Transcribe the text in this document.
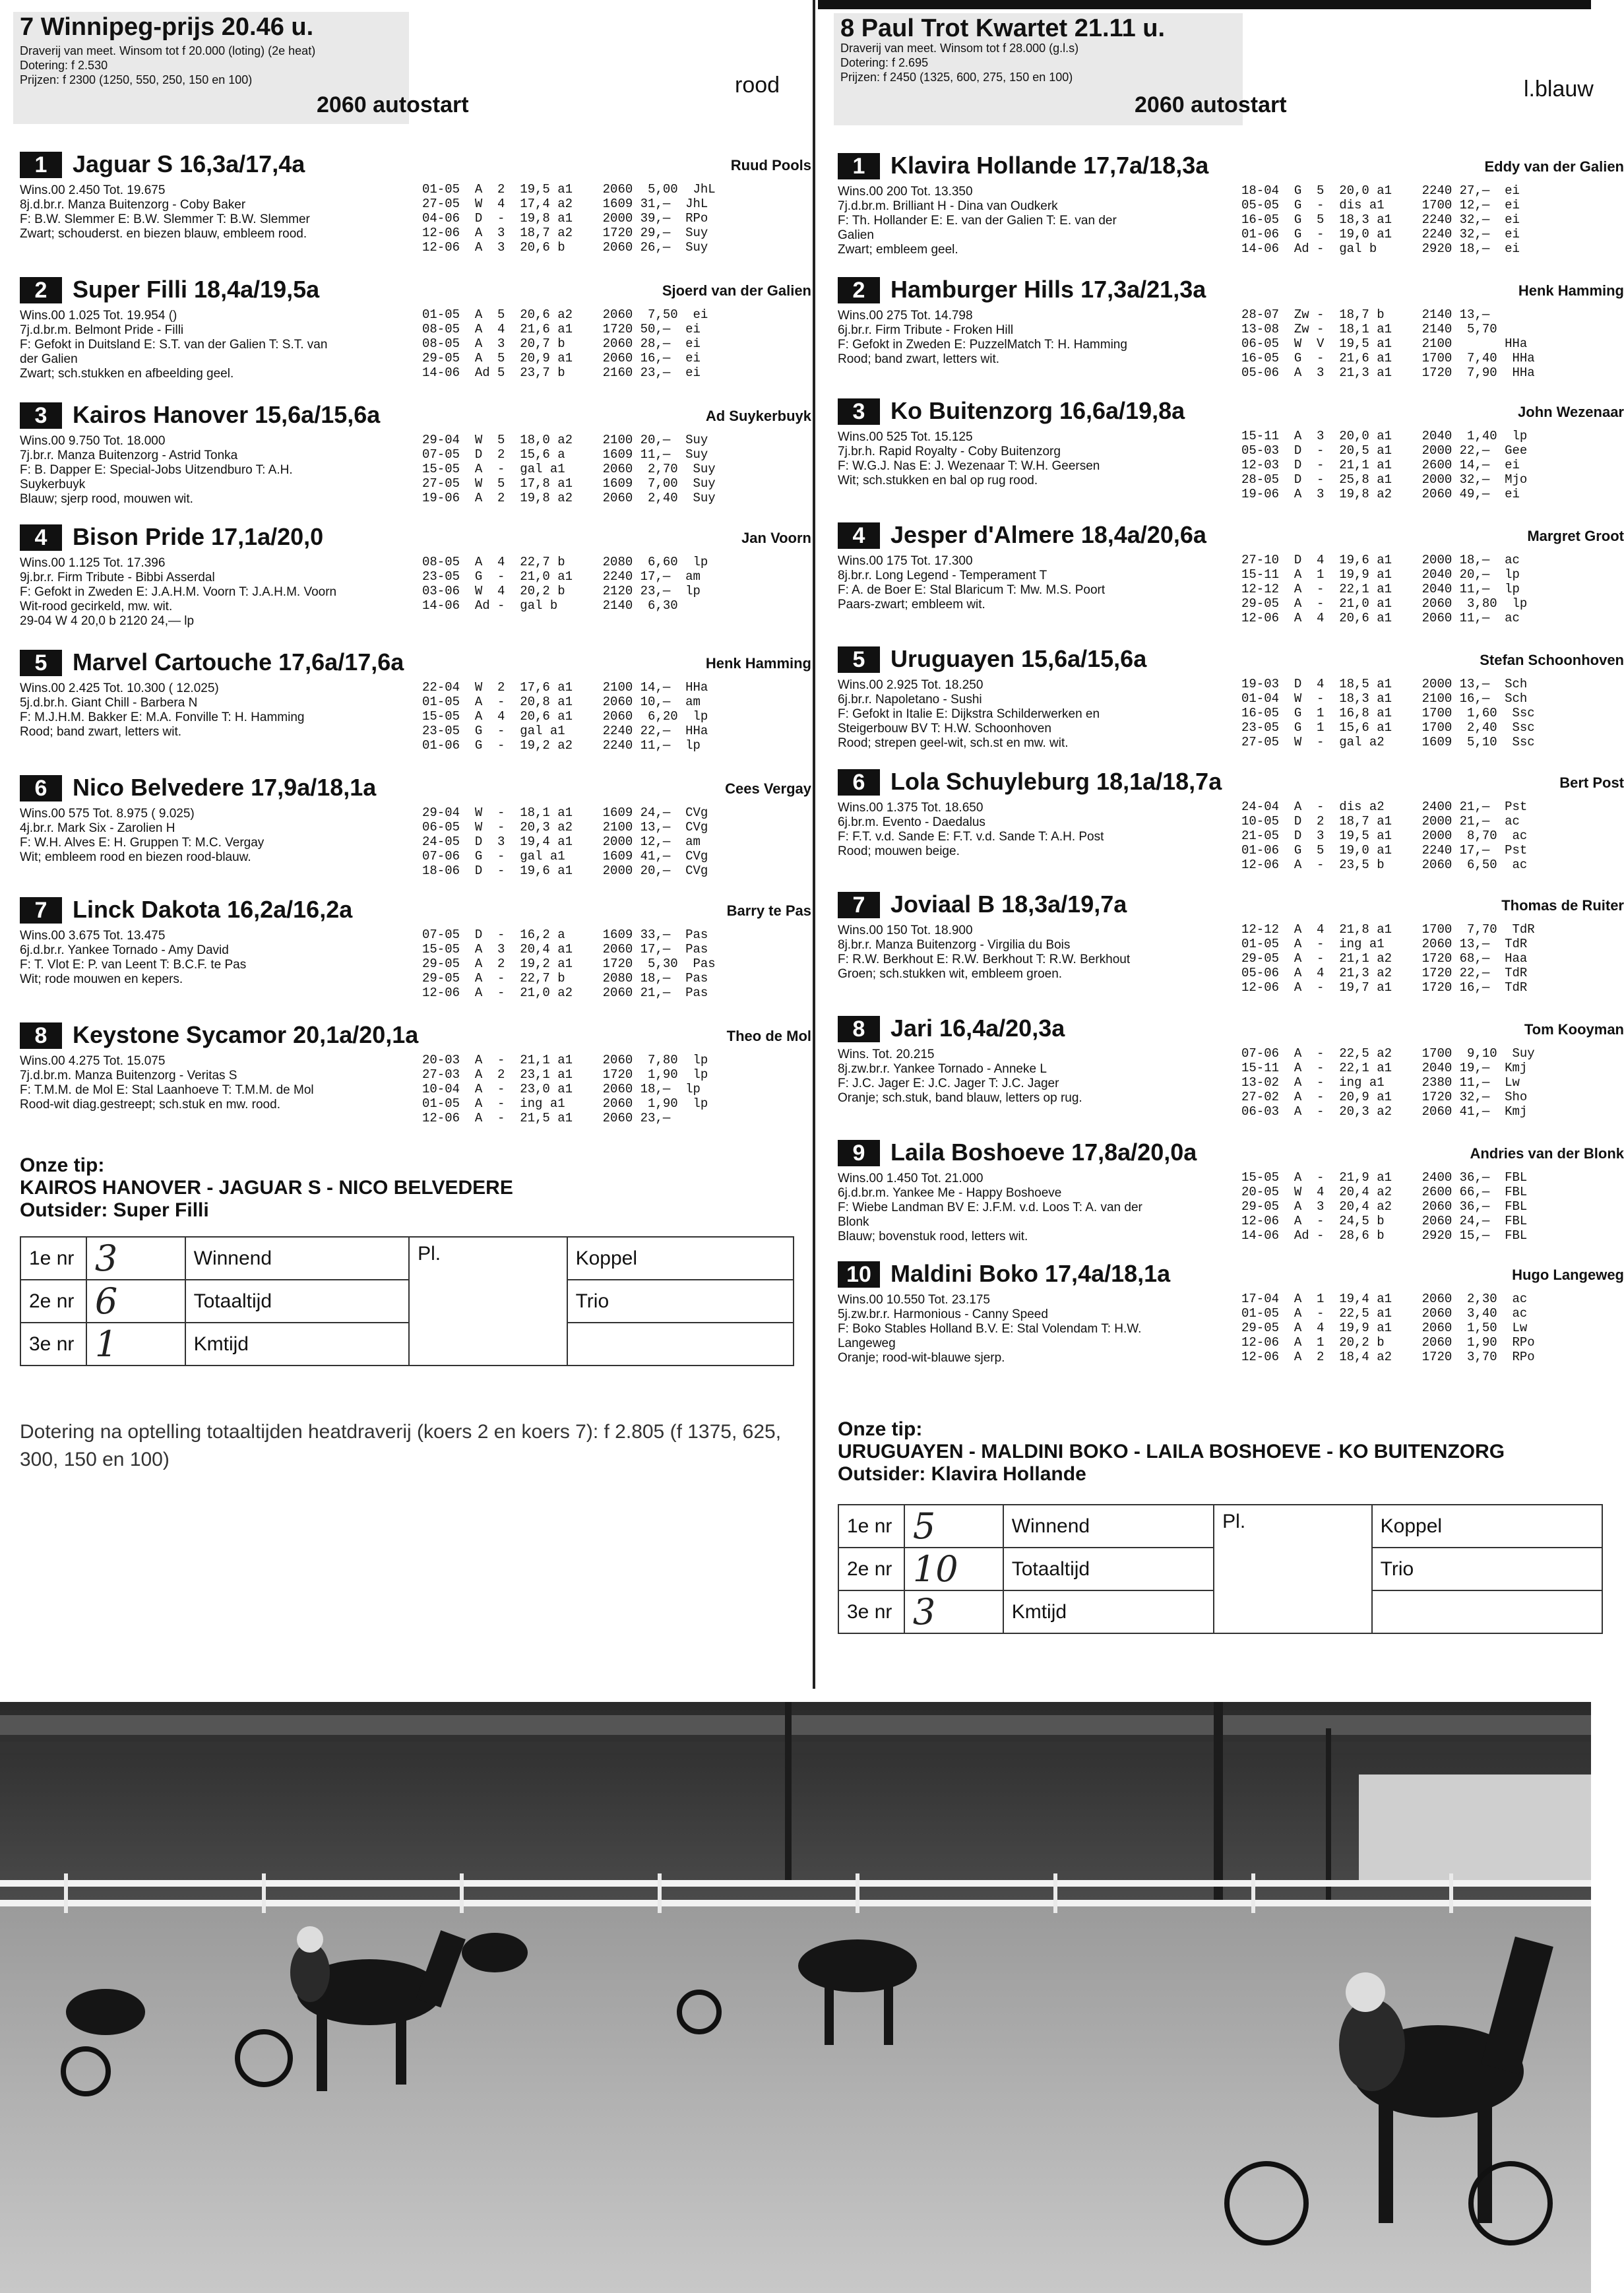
7 Winnipeg-prijs 20.46 u.
Draverij van meet. Winsom tot f 20.000 (loting) (2e heat)
Dotering: f 2.530
Prijzen: f 2300 (1250, 550, 250, 150 en 100)
2060 autostart
rood
1	Jaguar S 16,3a/17,4a	Ruud Pools
Wins.00 2.450 Tot. 19.675
8j.d.br.r. Manza Buitenzorg - Coby Baker
F: B.W. Slemmer E: B.W. Slemmer T: B.W. Slemmer
Zwart; schouderst. en biezen blauw, embleem rood.
01-05  A  2  19,5 a1    2060  5,00  JhL
27-05  W  4  17,4 a2    1609 31,—  JhL
04-06  D  -  19,8 a1    2000 39,—  RPo
12-06  A  3  18,7 a2    1720 29,—  Suy
12-06  A  3  20,6 b     2060 26,—  Suy
2	Super Filli 18,4a/19,5a	Sjoerd van der Galien
Wins.00 1.025 Tot. 19.954 ()
7j.d.br.m. Belmont Pride - Filli
F: Gefokt in Duitsland E: S.T. van der Galien T: S.T. van
der Galien
Zwart; sch.stukken en afbeelding geel.
01-05  A  5  20,6 a2    2060  7,50  ei
08-05  A  4  21,6 a1    1720 50,—  ei
08-05  A  3  20,7 b     2060 28,—  ei
29-05  A  5  20,9 a1    2060 16,—  ei
14-06  Ad 5  23,7 b     2160 23,—  ei
3	Kairos Hanover 15,6a/15,6a	Ad Suykerbuyk
Wins.00 9.750 Tot. 18.000
7j.br.r. Manza Buitenzorg - Astrid Tonka
F: B. Dapper E: Special-Jobs Uitzendburo T: A.H.
Suykerbuyk
Blauw; sjerp rood, mouwen wit.
29-04  W  5  18,0 a2    2100 20,—  Suy
07-05  D  2  15,6 a     1609 11,—  Suy
15-05  A  -  gal a1     2060  2,70  Suy
27-05  W  5  17,8 a1    1609  7,00  Suy
19-06  A  2  19,8 a2    2060  2,40  Suy
4	Bison Pride 17,1a/20,0	Jan Voorn
Wins.00 1.125 Tot. 17.396
9j.br.r. Firm Tribute - Bibbi Asserdal
F: Gefokt in Zweden E: J.A.H.M. Voorn T: J.A.H.M. Voorn
Wit-rood gecirkeld, mw. wit.
29-04 W 4 20,0 b 2120 24,— lp
08-05  A  4  22,7 b     2080  6,60  lp
23-05  G  -  21,0 a1    2240 17,—  am
03-06  W  4  20,2 b     2120 23,—  lp
14-06  Ad -  gal b      2140  6,30
5	Marvel Cartouche 17,6a/17,6a	Henk Hamming
Wins.00 2.425 Tot. 10.300 ( 12.025)
5j.d.br.h. Giant Chill - Barbera N
F: M.J.H.M. Bakker E: M.A. Fonville T: H. Hamming
Rood; band zwart, letters wit.
22-04  W  2  17,6 a1    2100 14,—  HHa
01-05  A  -  20,8 a1    2060 10,—  am
15-05  A  4  20,6 a1    2060  6,20  lp
23-05  G  -  gal a1     2240 22,—  HHa
01-06  G  -  19,2 a2    2240 11,—  lp
6	Nico Belvedere 17,9a/18,1a	Cees Vergay
Wins.00 575 Tot. 8.975 ( 9.025)
4j.br.r. Mark Six - Zarolien H
F: W.H. Alves E: H. Gruppen T: M.C. Vergay
Wit; embleem rood en biezen rood-blauw.
29-04  W  -  18,1 a1    1609 24,—  CVg
06-05  W  -  20,3 a2    2100 13,—  CVg
24-05  D  3  19,4 a1    2000 12,—  am
07-06  G  -  gal a1     1609 41,—  CVg
18-06  D  -  19,6 a1    2000 20,—  CVg
7	Linck Dakota 16,2a/16,2a	Barry te Pas
Wins.00 3.675 Tot. 13.475
6j.d.br.r. Yankee Tornado - Amy David
F: T. Vlot E: P. van Leent T: B.C.F. te Pas
Wit; rode mouwen en kepers.
07-05  D  -  16,2 a     1609 33,—  Pas
15-05  A  3  20,4 a1    2060 17,—  Pas
29-05  A  2  19,2 a1    1720  5,30  Pas
29-05  A  -  22,7 b     2080 18,—  Pas
12-06  A  -  21,0 a2    2060 21,—  Pas
8	Keystone Sycamor 20,1a/20,1a	Theo de Mol
Wins.00 4.275 Tot. 15.075
7j.d.br.m. Manza Buitenzorg - Veritas S
F: T.M.M. de Mol E: Stal Laanhoeve T: T.M.M. de Mol
Rood-wit diag.gestreept; sch.stuk en mw. rood.
20-03  A  -  21,1 a1    2060  7,80  lp
27-03  A  2  23,1 a1    1720  1,90  lp
10-04  A  -  23,0 a1    2060 18,—  lp
01-05  A  -  ing a1     2060  1,90  lp
12-06  A  -  21,5 a1    2060 23,—
Onze tip:
KAIROS HANOVER - JAGUAR S - NICO BELVEDERE
Outsider: Super Filli
1e nr	3	Winnend	Pl.	Koppel
2e nr	6	Totaaltijd		Trio
3e nr	1	Kmtijd		
Dotering na optelling totaaltijden heatdraverij (koers 2 en koers 7): f 2.805 (f 1375, 625, 300, 150 en 100)
8 Paul Trot Kwartet 21.11 u.
Draverij van meet. Winsom tot f 28.000 (g.l.s)
Dotering: f 2.695
Prijzen: f 2450 (1325, 600, 275, 150 en 100)
2060 autostart
l.blauw
1	Klavira Hollande 17,7a/18,3a	Eddy van der Galien
Wins.00 200 Tot. 13.350
7j.d.br.m. Brilliant H - Dina van Oudkerk
F: Th. Hollander E: E. van der Galien T: E. van der
Galien
Zwart; embleem geel.
18-04  G  5  20,0 a1    2240 27,—  ei
05-05  G  -  dis a1     1700 12,—  ei
16-05  G  5  18,3 a1    2240 32,—  ei
01-06  G  -  19,0 a1    2240 32,—  ei
14-06  Ad -  gal b      2920 18,—  ei
2	Hamburger Hills 17,3a/21,3a	Henk Hamming
Wins.00 275 Tot. 14.798
6j.br.r. Firm Tribute - Froken Hill
F: Gefokt in Zweden E: PuzzelMatch T: H. Hamming
Rood; band zwart, letters wit.
28-07  Zw -  18,7 b     2140 13,—
13-08  Zw -  18,1 a1    2140  5,70
06-05  W  V  19,5 a1    2100       HHa
16-05  G  -  21,6 a1    1700  7,40  HHa
05-06  A  3  21,3 a1    1720  7,90  HHa
3	Ko Buitenzorg 16,6a/19,8a	John Wezenaar
Wins.00 525 Tot. 15.125
7j.br.h. Rapid Royalty - Coby Buitenzorg
F: W.G.J. Nas E: J. Wezenaar T: W.H. Geersen
Wit; sch.stukken en bal op rug rood.
15-11  A  3  20,0 a1    2040  1,40  lp
05-03  D  -  20,5 a1    2000 22,—  Gee
12-03  D  -  21,1 a1    2600 14,—  ei
28-05  D  -  25,8 a1    2000 32,—  Mjo
19-06  A  3  19,8 a2    2060 49,—  ei
4	Jesper d'Almere 18,4a/20,6a	Margret Groot
Wins.00 175 Tot. 17.300
8j.br.r. Long Legend - Temperament T
F: A. de Boer E: Stal Blaricum T: Mw. M.S. Poort
Paars-zwart; embleem wit.
27-10  D  4  19,6 a1    2000 18,—  ac
15-11  A  1  19,9 a1    2040 20,—  lp
12-12  A  -  22,1 a1    2040 11,—  lp
29-05  A  -  21,0 a1    2060  3,80  lp
12-06  A  4  20,6 a1    2060 11,—  ac
5	Uruguayen 15,6a/15,6a	Stefan Schoonhoven
Wins.00 2.925 Tot. 18.250
6j.br.r. Napoletano - Sushi
F: Gefokt in Italie E: Dijkstra Schilderwerken en
Steigerbouw BV T: H.W. Schoonhoven
Rood; strepen geel-wit, sch.st en mw. wit.
19-03  D  4  18,5 a1    2000 13,—  Sch
01-04  W  -  18,3 a1    2100 16,—  Sch
16-05  G  1  16,8 a1    1700  1,60  Ssc
23-05  G  1  15,6 a1    1700  2,40  Ssc
27-05  W  -  gal a2     1609  5,10  Ssc
6	Lola Schuyleburg 18,1a/18,7a	Bert Post
Wins.00 1.375 Tot. 18.650
6j.br.m. Evento - Daedalus
F: F.T. v.d. Sande E: F.T. v.d. Sande T: A.H. Post
Rood; mouwen beige.
24-04  A  -  dis a2     2400 21,—  Pst
10-05  D  2  18,7 a1    2000 21,—  ac
21-05  D  3  19,5 a1    2000  8,70  ac
01-06  G  5  19,0 a1    2240 17,—  Pst
12-06  A  -  23,5 b     2060  6,50  ac
7	Joviaal B 18,3a/19,7a	Thomas de Ruiter
Wins.00 150 Tot. 18.900
8j.br.r. Manza Buitenzorg - Virgilia du Bois
F: R.W. Berkhout E: R.W. Berkhout T: R.W. Berkhout
Groen; sch.stukken wit, embleem groen.
12-12  A  4  21,8 a1    1700  7,70  TdR
01-05  A  -  ing a1     2060 13,—  TdR
29-05  A  -  21,1 a2    1720 68,—  Haa
05-06  A  4  21,3 a2    1720 22,—  TdR
12-06  A  -  19,7 a1    1720 16,—  TdR
8	Jari 16,4a/20,3a	Tom Kooyman
Wins. Tot. 20.215
8j.zw.br.r. Yankee Tornado - Anneke L
F: J.C. Jager E: J.C. Jager T: J.C. Jager
Oranje; sch.stuk, band blauw, letters op rug.
07-06  A  -  22,5 a2    1700  9,10  Suy
15-11  A  -  22,1 a1    2040 19,—  Kmj
13-02  A  -  ing a1     2380 11,—  Lw
27-02  A  -  20,9 a1    1720 32,—  Sho
06-03  A  -  20,3 a2    2060 41,—  Kmj
9	Laila Boshoeve 17,8a/20,0a	Andries van der Blonk
Wins.00 1.450 Tot. 21.000
6j.d.br.m. Yankee Me - Happy Boshoeve
F: Wiebe Landman BV E: J.F.M. v.d. Loos T: A. van der
Blonk
Blauw; bovenstuk rood, letters wit.
15-05  A  -  21,9 a1    2400 36,—  FBL
20-05  W  4  20,4 a2    2600 66,—  FBL
29-05  A  3  20,4 a2    2060 36,—  FBL
12-06  A  -  24,5 b     2060 24,—  FBL
14-06  Ad -  28,6 b     2920 15,—  FBL
10 Maldini Boko 17,4a/18,1a	Hugo Langeweg
Wins.00 10.550 Tot. 23.175
5j.zw.br.r. Harmonious - Canny Speed
F: Boko Stables Holland B.V. E: Stal Volendam T: H.W.
Langeweg
Oranje; rood-wit-blauwe sjerp.
17-04  A  1  19,4 a1    2060  2,30  ac
01-05  A  -  22,5 a1    2060  3,40  ac
29-05  A  4  19,9 a1    2060  1,50  Lw
12-06  A  1  20,2 b     2060  1,90  RPo
12-06  A  2  18,4 a2    1720  3,70  RPo
Onze tip:
URUGUAYEN - MALDINI BOKO - LAILA BOSHOEVE - KO BUITENZORG
Outsider: Klavira Hollande
1e nr	5	Winnend	Pl.	Koppel
2e nr	10	Totaaltijd		Trio
3e nr	3	Kmtijd		
